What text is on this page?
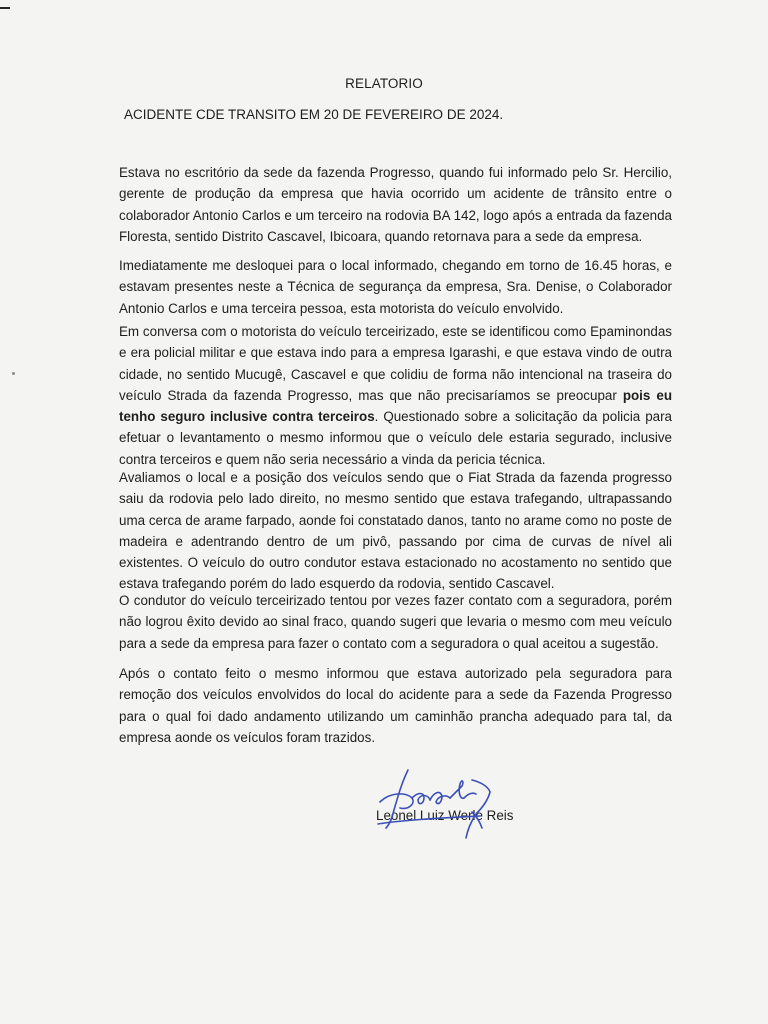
RELATORIO
ACIDENTE CDE TRANSITO EM 20 DE FEVEREIRO DE 2024.

Estava no escritório da sede da fazenda Progresso, quando fui informado pelo Sr. Hercilio, gerente de produção da empresa que havia ocorrido um acidente de trânsito entre o colaborador Antonio Carlos e um terceiro na rodovia BA 142, logo após a entrada da fazenda Floresta, sentido Distrito Cascavel, Ibicoara, quando retornava para a sede da empresa.

Imediatamente me desloquei para o local informado, chegando em torno de 16.45 horas, e estavam presentes neste a Técnica de segurança da empresa, Sra. Denise, o Colaborador Antonio Carlos e uma terceira pessoa, esta motorista do veículo envolvido.

Em conversa com o motorista do veículo terceirizado, este se identificou como Epaminondas e era policial militar e que estava indo para a empresa Igarashi, e que estava vindo de outra cidade, no sentido Mucugê, Cascavel e que colidiu de forma não intencional na traseira do veículo Strada da fazenda Progresso, mas que não precisaríamos se preocupar pois eu tenho seguro inclusive contra terceiros. Questionado sobre a solicitação da policia para efetuar o levantamento o mesmo informou que o veículo dele estaria segurado, inclusive contra terceiros e quem não seria necessário a vinda da pericia técnica.

Avaliamos o local e a posição dos veículos sendo que o Fiat Strada da fazenda progresso saiu da rodovia pelo lado direito, no mesmo sentido que estava trafegando, ultrapassando uma cerca de arame farpado, aonde foi constatado danos, tanto no arame como no poste de madeira e adentrando dentro de um pivô, passando por cima de curvas de nível ali existentes. O veículo do outro condutor estava estacionado no acostamento no sentido que estava trafegando porém do lado esquerdo da rodovia, sentido Cascavel.

O condutor do veículo terceirizado tentou por vezes fazer contato com a seguradora, porém não logrou êxito devido ao sinal fraco, quando sugeri que levaria o mesmo com meu veículo para a sede da empresa para fazer o contato com a seguradora o qual aceitou a sugestão.

Após o contato feito o mesmo informou que estava autorizado pela seguradora para remoção dos veículos envolvidos do local do acidente para a sede da Fazenda Progresso para o qual foi dado andamento utilizando um caminhão prancha adequado para tal, da empresa aonde os veículos foram trazidos.

Leonel Luiz Werle Reis
